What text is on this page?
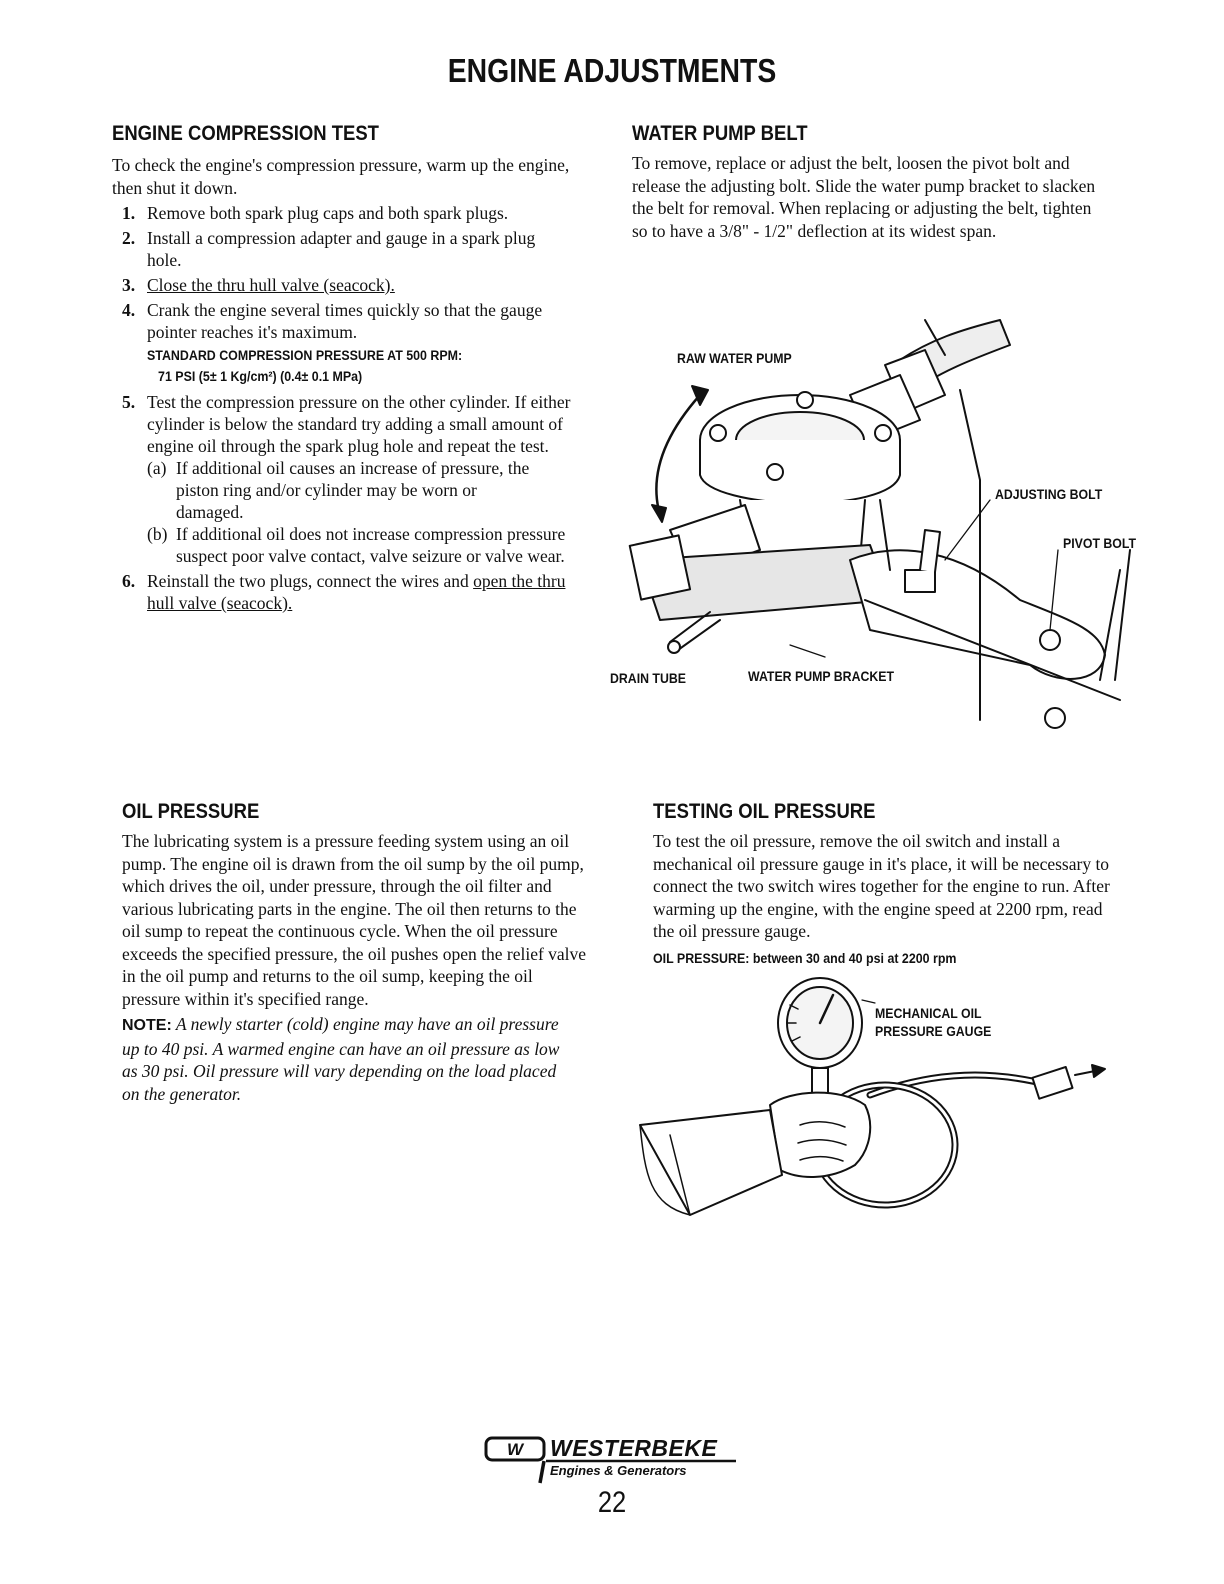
ENGINE ADJUSTMENTS
ENGINE COMPRESSION TEST

To check the engine's compression pressure, warm up the engine, then shut it down.

1. Remove both spark plug caps and both spark plugs.
2. Install a compression adapter and gauge in a spark plug hole.
3. Close the thru hull valve (seacock).
4. Crank the engine several times quickly so that the gauge pointer reaches it's maximum.
STANDARD COMPRESSION PRESSURE AT 500 RPM:
71 PSI (5± 1 Kg/cm²) (0.4± 0.1 MPa)
5. Test the compression pressure on the other cylinder. If either cylinder is below the standard try adding a small amount of engine oil through the spark plug hole and repeat the test.
(a) If additional oil causes an increase of pressure, the piston ring and/or cylinder may be worn or damaged.
(b) If additional oil does not increase compression pressure suspect poor valve contact, valve seizure or valve wear.
6. Reinstall the two plugs, connect the wires and open the thru hull valve (seacock).
WATER PUMP BELT
To remove, replace or adjust the belt, loosen the pivot bolt and release the adjusting bolt. Slide the water pump bracket to slacken the belt for removal. When replacing or adjusting the belt, tighten so to have a 3/8" - 1/2" deflection at its widest span.
RAW WATER PUMP
ADJUSTING BOLT
PIVOT BOLT
DRAIN TUBE	WATER PUMP BRACKET
OIL PRESSURE

The lubricating system is a pressure feeding system using an oil pump. The engine oil is drawn from the oil sump by the oil pump, which drives the oil, under pressure, through the oil filter and various lubricating parts in the engine. The oil then returns to the oil sump to repeat the continuous cycle. When the oil pressure exceeds the specified pressure, the oil pushes open the relief valve in the oil pump and returns to the oil sump, keeping the oil pressure within it's specified range.

NOTE: A newly starter (cold) engine may have an oil pressure up to 40 psi. A warmed engine can have an oil pressure as low as 30 psi. Oil pressure will vary depending on the load placed on the generator.

TESTING OIL PRESSURE
To test the oil pressure, remove the oil switch and install a mechanical oil pressure gauge in it's place, it will be necessary to connect the two switch wires together for the engine to run. After warming up the engine, with the engine speed at 2200 rpm, read the oil pressure gauge.
OIL PRESSURE: between 30 and 40 psi at 2200 rpm
MECHANICAL OIL
PRESSURE GAUGE
W WESTERBEKE
Engines & Generators
22
